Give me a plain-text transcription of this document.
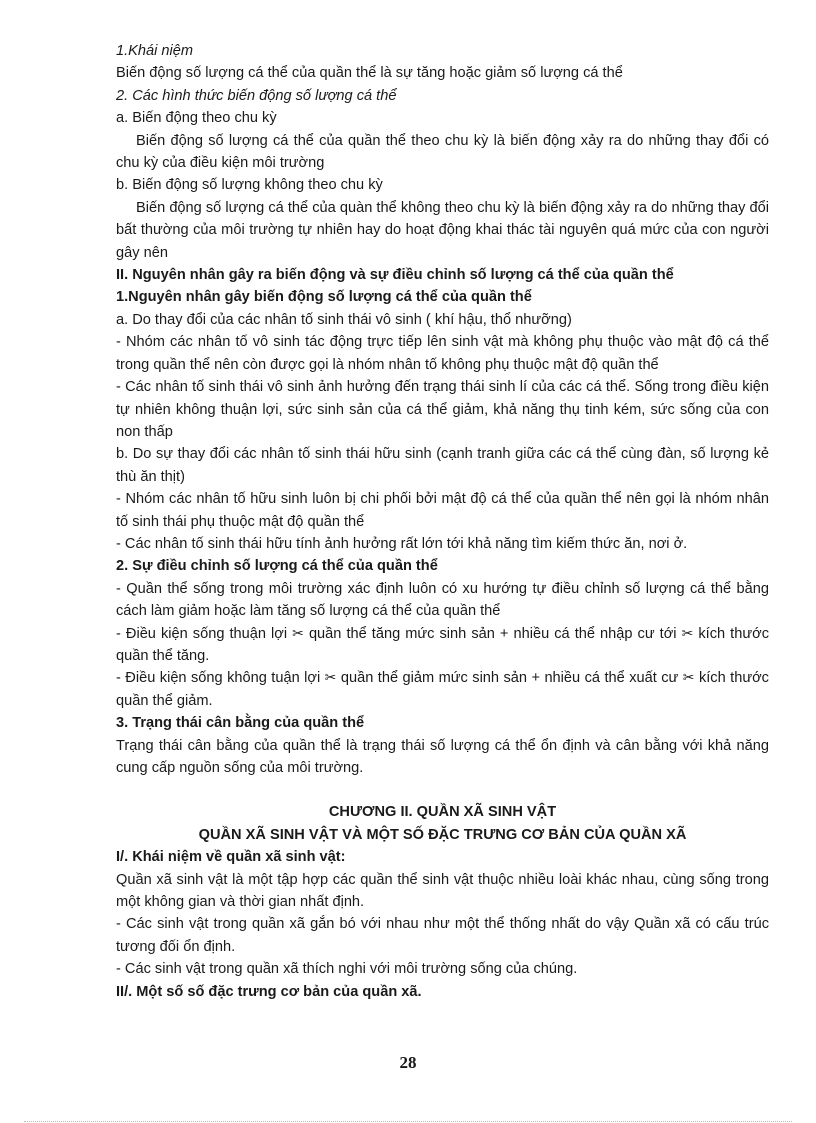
1.Khái niệm
Biến động số lượng cá thể của quần thể là sự tăng hoặc giảm số lượng cá thể
2. Các hình thức biến động số lượng cá thể
a. Biến động theo chu kỳ
Biến động số lượng cá thể của quần thể theo chu kỳ là biến động xảy ra do những thay đổi có chu kỳ của điều kiện môi trường
b. Biến động số lượng không theo chu kỳ
Biến động số lượng cá thể của quàn thể không theo chu kỳ là biến động xảy ra do những thay đổi bất thường của môi trường tự nhiên hay do hoạt động khai thác tài nguyên quá mức của con người gây nên
II. Nguyên nhân gây ra biến động và sự điều chỉnh số lượng cá thể của quần thể
1.Nguyên nhân gây biến động số lượng cá thể của quần thể
a. Do thay đổi của các nhân tố sinh thái vô sinh ( khí hậu, thổ nhưỡng)
- Nhóm các nhân tố vô sinh tác động trực tiếp lên sinh vật mà không phụ thuộc vào mật độ cá thể trong quần thể nên còn được gọi là nhóm nhân tố không phụ thuộc mật độ quần thể
- Các nhân tố sinh thái vô sinh ảnh hưởng đến trạng thái sinh lí của các cá thể. Sống trong điều kiện tự nhiên không thuận lợi, sức sinh sản của cá thể giảm, khả năng thụ tinh kém, sức sống của con non thấp
b. Do sự thay đổi các nhân tố sinh thái hữu sinh (cạnh tranh giữa các cá thể cùng đàn, số lượng kẻ thù ăn thịt)
- Nhóm các nhân tố hữu sinh luôn bị chi phối bởi mật độ cá thể của quần thể nên gọi là nhóm nhân tố sinh thái phụ thuộc mật độ quần thể
- Các nhân tố sinh thái hữu tính ảnh hưởng rất lớn tới khả năng tìm kiếm thức ăn, nơi ở.
2. Sự điều chỉnh số lượng cá thể của quần thể
- Quần thể sống trong môi trường xác định luôn có xu hướng tự điều chỉnh số lượng cá thể bằng cách làm giảm hoặc làm tăng số lượng cá thể của quần thể
- Điều kiện sống thuận lợi ✂ quần thể tăng mức sinh sản + nhiều cá thể nhập cư tới ✂ kích thước quần thể tăng.
- Điều kiện sống không tuận lợi ✂ quần thể giảm mức sinh sản + nhiều cá thể xuất cư ✂ kích thước quần thể giảm.
3. Trạng thái cân bằng của quần thể
Trạng thái cân bằng của quần thể là trạng thái số lượng cá thể ổn định và cân bằng với khả năng cung cấp nguồn sống của môi trường.
CHƯƠNG II. QUẦN XÃ SINH VẬT
QUẦN XÃ SINH VẬT VÀ MỘT SỐ ĐẶC TRƯNG CƠ BẢN CỦA QUẦN XÃ
I/. Khái niệm về quần xã sinh vật:
Quần xã sinh vật là một tập hợp các quần thể sinh vật thuộc nhiều loài khác nhau, cùng sống trong một không gian và thời gian nhất định.
- Các sinh vật trong quần xã gắn bó với nhau như một thể thống nhất do vậy Quần xã có cấu trúc tương đối ổn định.
- Các sinh vật trong quần xã thích nghi với môi trường sống của chúng.
II/. Một số số đặc trưng cơ bản của quần xã.
28
